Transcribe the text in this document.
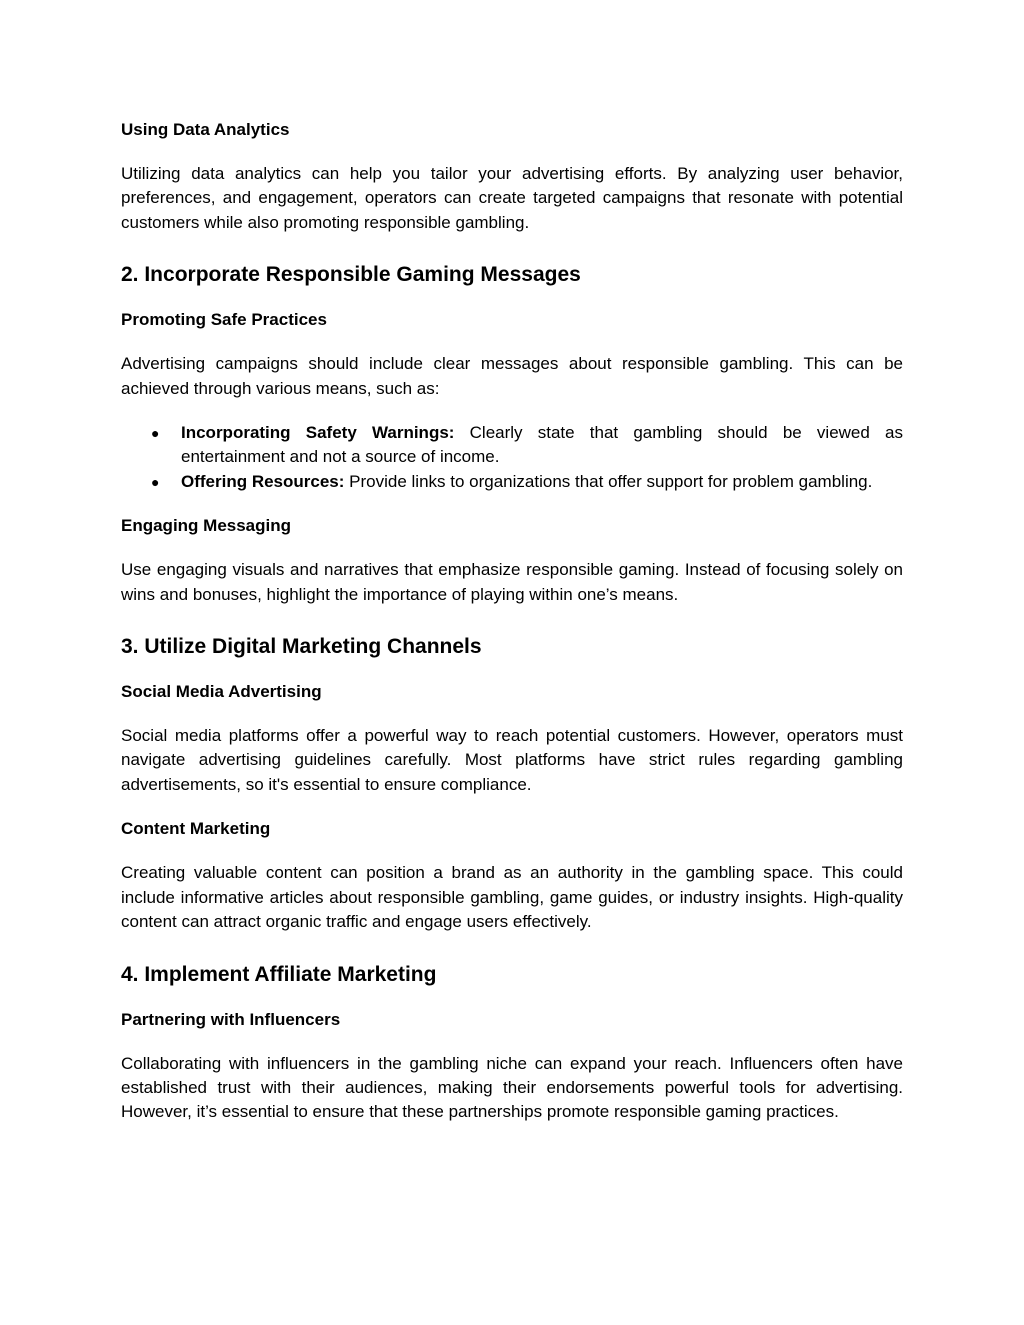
Using Data Analytics

Utilizing data analytics can help you tailor your advertising efforts. By analyzing user behavior, preferences, and engagement, operators can create targeted campaigns that resonate with potential customers while also promoting responsible gambling.

2. Incorporate Responsible Gaming Messages

Promoting Safe Practices

Advertising campaigns should include clear messages about responsible gambling. This can be achieved through various means, such as:

● Incorporating Safety Warnings: Clearly state that gambling should be viewed as entertainment and not a source of income.
● Offering Resources: Provide links to organizations that offer support for problem gambling.

Engaging Messaging

Use engaging visuals and narratives that emphasize responsible gaming. Instead of focusing solely on wins and bonuses, highlight the importance of playing within one’s means.

3. Utilize Digital Marketing Channels

Social Media Advertising

Social media platforms offer a powerful way to reach potential customers. However, operators must navigate advertising guidelines carefully. Most platforms have strict rules regarding gambling advertisements, so it's essential to ensure compliance.

Content Marketing

Creating valuable content can position a brand as an authority in the gambling space. This could include informative articles about responsible gambling, game guides, or industry insights. High-quality content can attract organic traffic and engage users effectively.

4. Implement Affiliate Marketing

Partnering with Influencers

Collaborating with influencers in the gambling niche can expand your reach. Influencers often have established trust with their audiences, making their endorsements powerful tools for advertising. However, it’s essential to ensure that these partnerships promote responsible gaming practices.
